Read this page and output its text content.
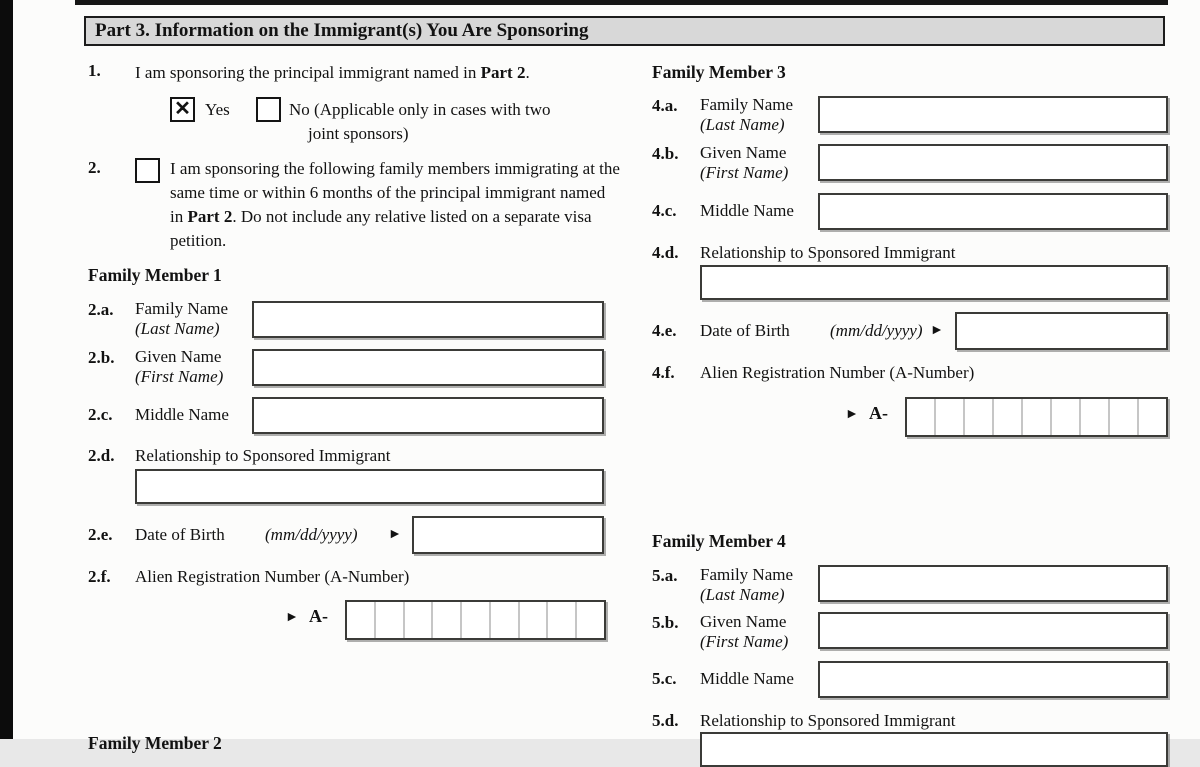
Part 3. Information on the Immigrant(s) You Are Sponsoring
1. I am sponsoring the principal immigrant named in Part 2.
✕ Yes	No (Applicable only in cases with two
joint sponsors)
2.	I am sponsoring the following family members immigrating at the same time or within 6 months of the principal immigrant named in Part 2. Do not include any relative listed on a separate visa petition.
Family Member 1
2.a. Family Name
(Last Name)
2.b. Given Name
(First Name)
2.c. Middle Name
2.d. Relationship to Sponsored Immigrant
2.e. Date of Birth (mm/dd/yyyy) ►
2.f. Alien Registration Number (A-Number)
► A-
Family Member 2
Family Member 3
4.a. Family Name
(Last Name)
4.b. Given Name
(First Name)
4.c. Middle Name
4.d. Relationship to Sponsored Immigrant
4.e. Date of Birth (mm/dd/yyyy) ►
4.f. Alien Registration Number (A-Number)
► A-
Family Member 4
5.a. Family Name
(Last Name)
5.b. Given Name
(First Name)
5.c. Middle Name
5.d. Relationship to Sponsored Immigrant
